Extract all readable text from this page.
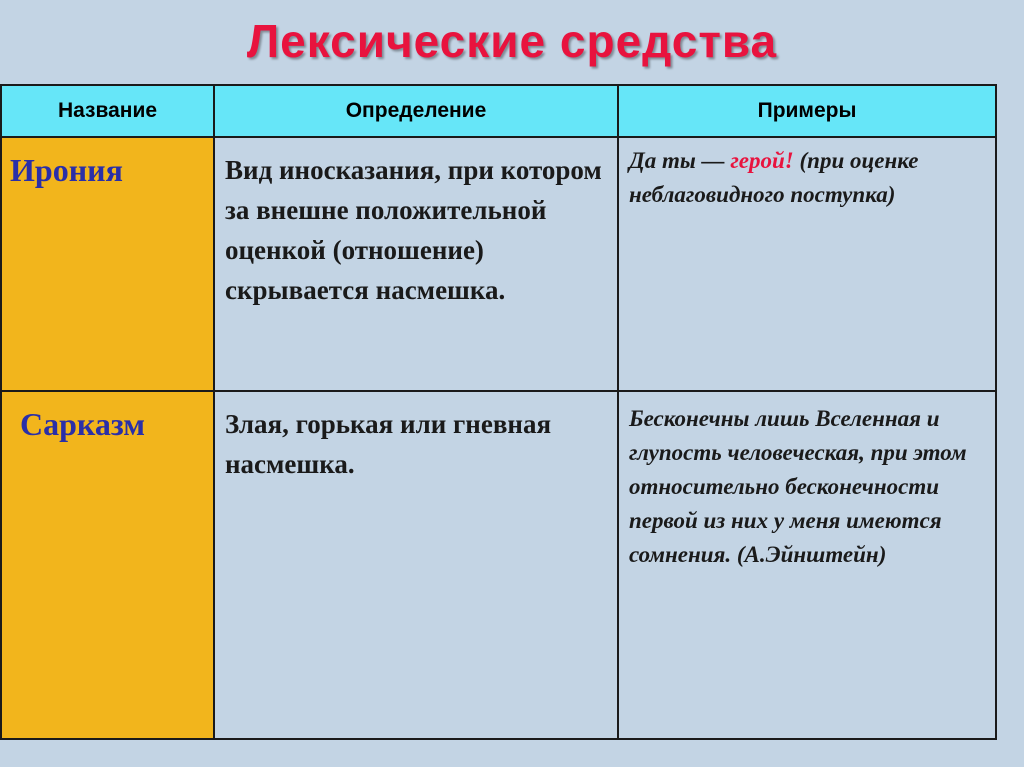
Лексические средства
Название	Определение	Примеры
Ирония	Вид иносказания, при котором за внешне положительной оценкой (отношение) скрывается насмешка.	Да ты — герой! (при оценке неблаговидного поступка)
Сарказм	Злая, горькая или гневная насмешка.	Бесконечны лишь Вселенная и глупость человеческая, при этом относительно бесконечности первой из них у меня имеются сомнения. (А.Эйнштейн)
